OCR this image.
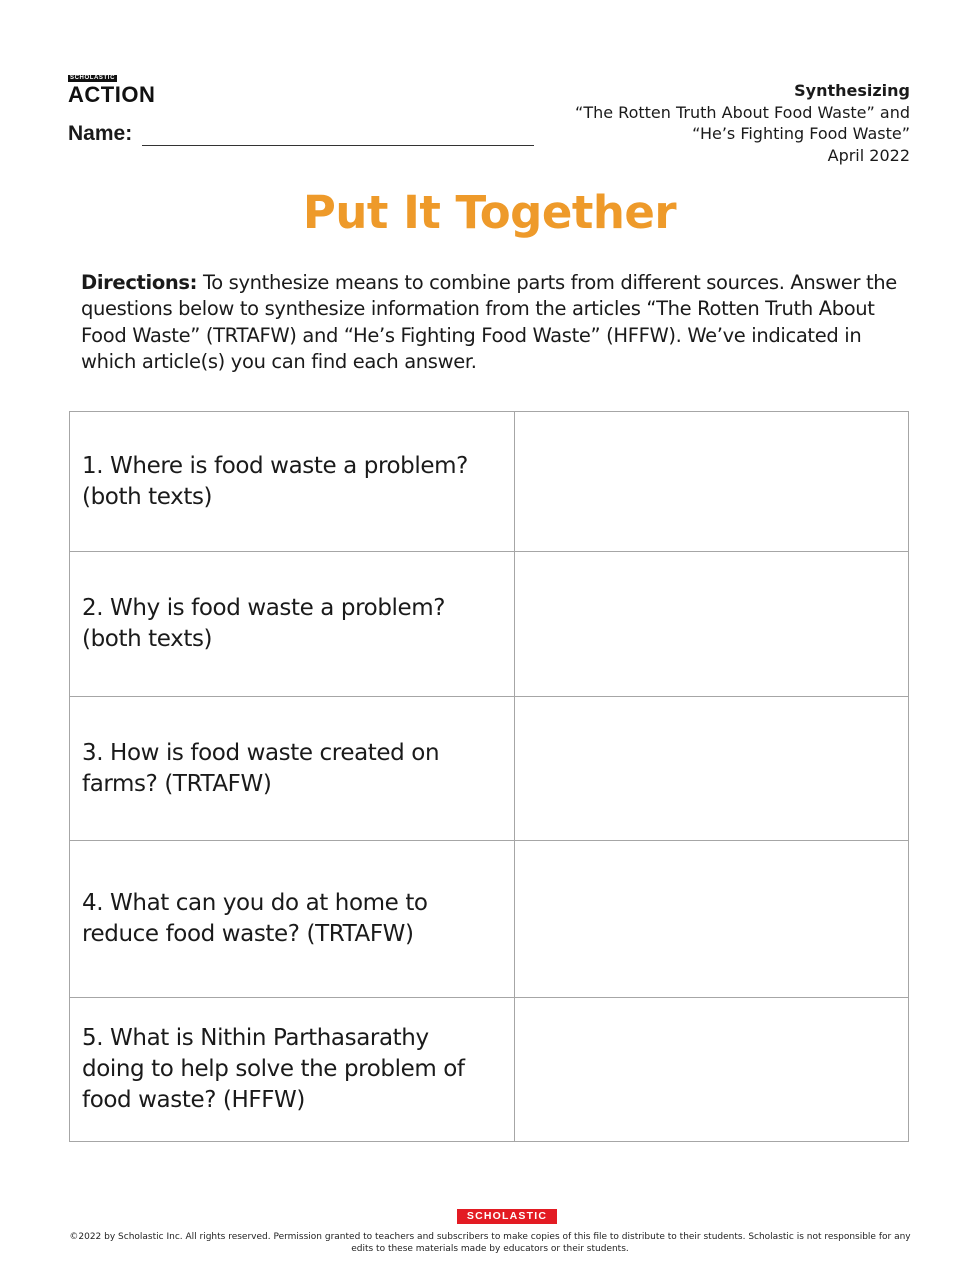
SCHOLASTIC
ACTION
Name:
Synthesizing
“The Rotten Truth About Food Waste” and
“He’s Fighting Food Waste”
April 2022
Put It Together
Directions: To synthesize means to combine parts from different sources. Answer the questions below to synthesize information from the articles “The Rotten Truth About Food Waste” (TRTAFW) and “He’s Fighting Food Waste” (HFFW). We’ve indicated in which article(s) you can find each answer.
1. Where is food waste a problem?
(both texts)	

2. Why is food waste a problem?
(both texts)	

3. How is food waste created on
farms? (TRTAFW)	

4. What can you do at home to
reduce food waste? (TRTAFW)	

5. What is Nithin Parthasarathy
doing to help solve the problem of
food waste? (HFFW)	

SCHOLASTIC
©2022 by Scholastic Inc. All rights reserved. Permission granted to teachers and subscribers to make copies of this file to distribute to their students. Scholastic is not responsible for any
edits to these materials made by educators or their students.
